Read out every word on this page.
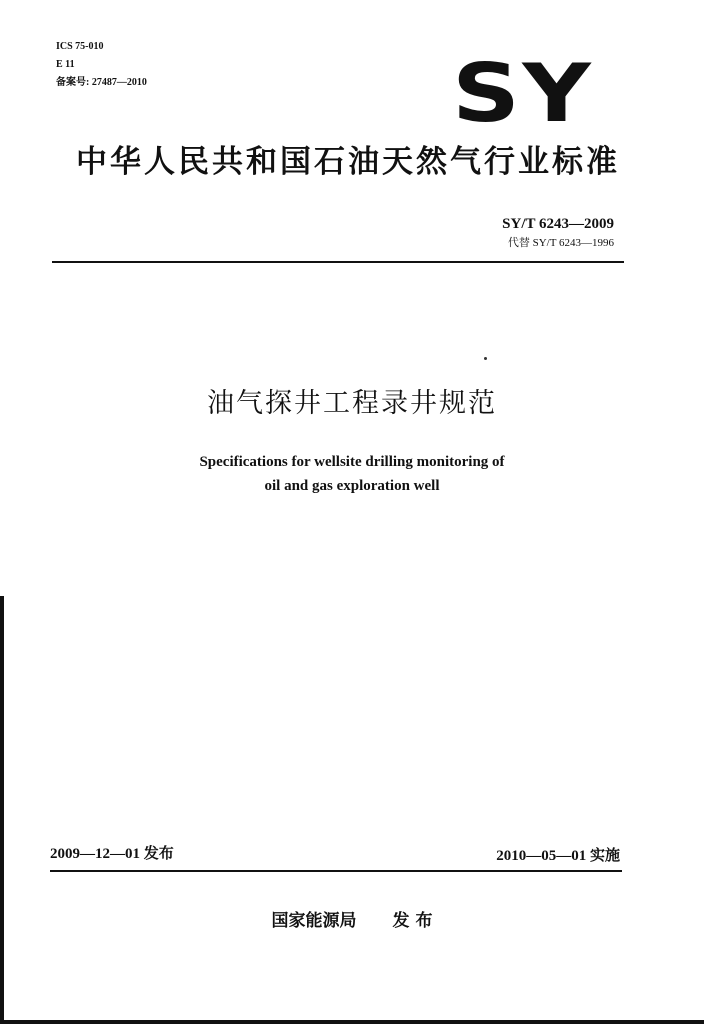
ICS 75-010
E 11
备案号: 27487—2010	SY
中华人民共和国石油天然气行业标准
SY/T 6243—2009
代替 SY/T 6243—1996
油气探井工程录井规范
Specifications for wellsite drilling monitoring of
oil and gas exploration well
2009—12—01 发布	2010—05—01 实施
国家能源局 发 布
